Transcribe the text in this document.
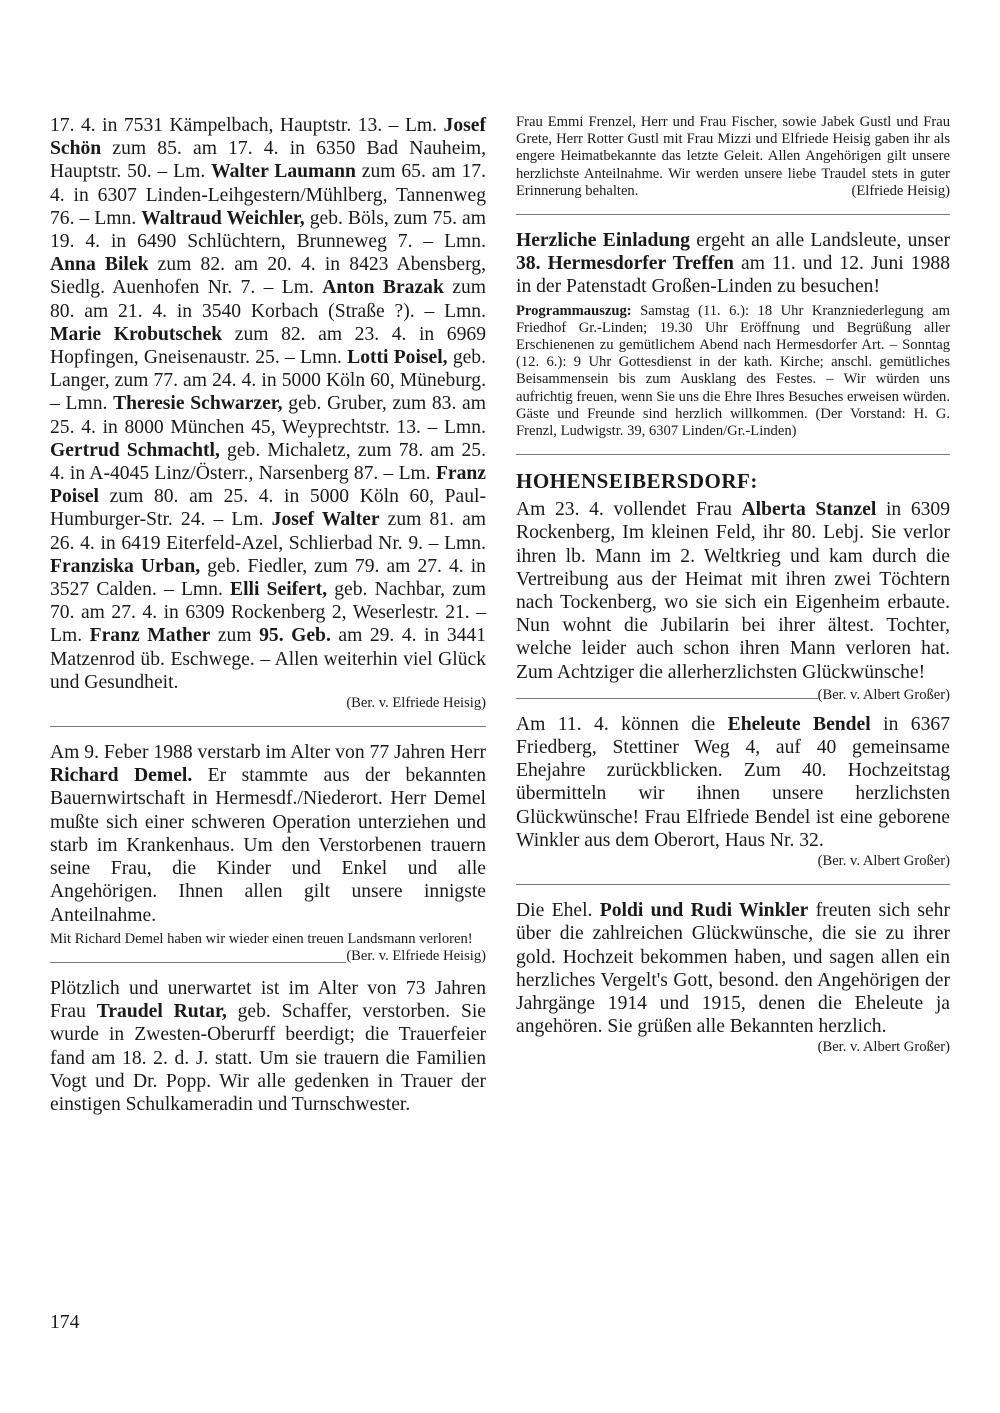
17. 4. in 7531 Kämpelbach, Hauptstr. 13. – Lm. Josef Schön zum 85. am 17. 4. in 6350 Bad Nauheim, Hauptstr. 50. – Lm. Walter Laumann zum 65. am 17. 4. in 6307 Linden-Leihgestern/Mühlberg, Tannenweg 76. – Lmn. Waltraud Weichler, geb. Böls, zum 75. am 19. 4. in 6490 Schlüchtern, Brunneweg 7. – Lmn. Anna Bilek zum 82. am 20. 4. in 8423 Abensberg, Siedlg. Auenhofen Nr. 7. – Lm. Anton Brazak zum 80. am 21. 4. in 3540 Korbach (Straße ?). – Lmn. Marie Krobutschek zum 82. am 23. 4. in 6969 Hopfingen, Gneisenaustr. 25. – Lmn. Lotti Poisel, geb. Langer, zum 77. am 24. 4. in 5000 Köln 60, Müneburg. – Lmn. Theresie Schwarzer, geb. Gruber, zum 83. am 25. 4. in 8000 München 45, Weyprechtstr. 13. – Lmn. Gertrud Schmachtl, geb. Michaletz, zum 78. am 25. 4. in A-4045 Linz/Österr., Narsenberg 87. – Lm. Franz Poisel zum 80. am 25. 4. in 5000 Köln 60, Paul-Humburger-Str. 24. – Lm. Josef Walter zum 81. am 26. 4. in 6419 Eiterfeld-Azel, Schlierbad Nr. 9. – Lmn. Franziska Urban, geb. Fiedler, zum 79. am 27. 4. in 3527 Calden. – Lmn. Elli Seifert, geb. Nachbar, zum 70. am 27. 4. in 6309 Rockenberg 2, Weserlestr. 21. – Lm. Franz Mather zum 95. Geb. am 29. 4. in 3441 Matzenrod üb. Eschwege. – Allen weiterhin viel Glück und Gesundheit.

(Ber. v. Elfriede Heisig)

Am 9. Feber 1988 verstarb im Alter von 77 Jahren Herr Richard Demel. Er stammte aus der bekannten Bauernwirtschaft in Hermesdf./Niederort. Herr Demel mußte sich einer schweren Operation unterziehen und starb im Krankenhaus. Um den Verstorbenen trauern seine Frau, die Kinder und Enkel und alle Angehörigen. Ihnen allen gilt unsere innigste Anteilnahme.

Mit Richard Demel haben wir wieder einen treuen Landsmann verloren!
(Ber. v. Elfriede Heisig)

Plötzlich und unerwartet ist im Alter von 73 Jahren Frau Traudel Rutar, geb. Schaffer, verstorben. Sie wurde in Zwesten-Oberurff beerdigt; die Trauerfeier fand am 18. 2. d. J. statt. Um sie trauern die Familien Vogt und Dr. Popp. Wir alle gedenken in Trauer der einstigen Schulkameradin und Turnschwester.

174

Frau Emmi Frenzel, Herr und Frau Fischer, sowie Jabek Gustl und Frau Grete, Herr Rotter Gustl mit Frau Mizzi und Elfriede Heisig gaben ihr als engere Heimatbekannte das letzte Geleit. Allen Angehörigen gilt unsere herzlichste Anteilnahme. Wir werden unsere liebe Traudel stets in guter Erinnerung behalten.	(Elfriede Heisig)

Herzliche Einladung ergeht an alle Landsleute, unser 38. Hermesdorfer Treffen am 11. und 12. Juni 1988 in der Patenstadt Großen-Linden zu besuchen!

Programmauszug: Samstag (11. 6.): 18 Uhr Kranzniederlegung am Friedhof Gr.-Linden; 19.30 Uhr Eröffnung und Begrüßung aller Erschienenen zu gemütlichem Abend nach Hermesdorfer Art. – Sonntag (12. 6.): 9 Uhr Gottesdienst in der kath. Kirche; anschl. gemütliches Beisammensein bis zum Ausklang des Festes. – Wir würden uns aufrichtig freuen, wenn Sie uns die Ehre Ihres Besuches erweisen würden. Gäste und Freunde sind herzlich willkommen. (Der Vorstand: H. G. Frenzl, Ludwigstr. 39, 6307 Linden/Gr.-Linden)

HOHENSEIBERSDORF:

Am 23. 4. vollendet Frau Alberta Stanzel in 6309 Rockenberg, Im kleinen Feld, ihr 80. Lebj. Sie verlor ihren lb. Mann im 2. Weltkrieg und kam durch die Vertreibung aus der Heimat mit ihren zwei Töchtern nach Tockenberg, wo sie sich ein Eigenheim erbaute. Nun wohnt die Jubilarin bei ihrer ältest. Tochter, welche leider auch schon ihren Mann verloren hat. Zum Achtziger die allerherzlichsten Glückwünsche!
(Ber. v. Albert Großer)

Am 11. 4. können die Eheleute Bendel in 6367 Friedberg, Stettiner Weg 4, auf 40 gemeinsame Ehejahre zurückblicken. Zum 40. Hochzeitstag übermitteln wir ihnen unsere herzlichsten Glückwünsche! Frau Elfriede Bendel ist eine geborene Winkler aus dem Oberort, Haus Nr. 32.

(Ber. v. Albert Großer)

Die Ehel. Poldi und Rudi Winkler freuten sich sehr über die zahlreichen Glückwünsche, die sie zu ihrer gold. Hochzeit bekommen haben, und sagen allen ein herzliches Vergelt's Gott, besond. den Angehörigen der Jahrgänge 1914 und 1915, denen die Eheleute ja angehören. Sie grüßen alle Bekannten herzlich.

(Ber. v. Albert Großer)
